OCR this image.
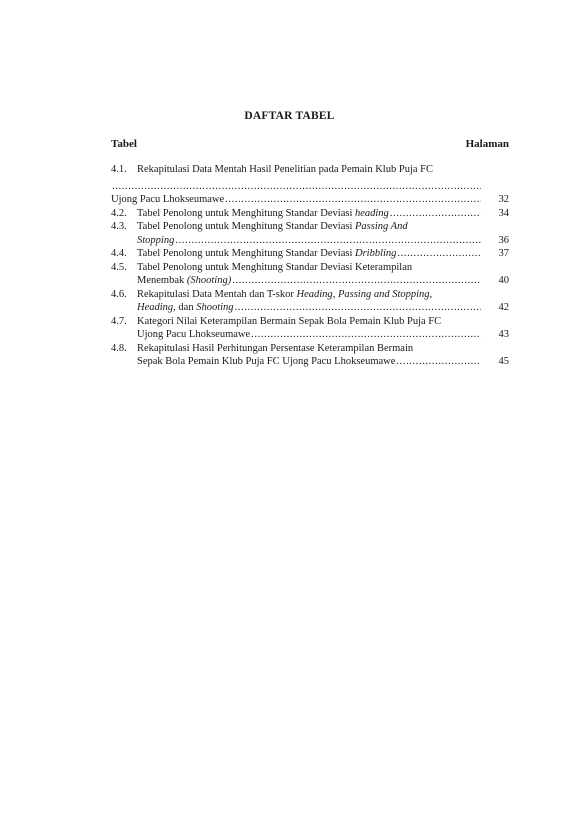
DAFTAR TABEL
Tabel	Halaman
4.1. Rekapitulasi Data Mentah Hasil Penelitian pada Pemain Klub Puja FC
.....
Ujong Pacu Lhokseumawe .....	32
4.2. Tabel Penolong untuk Menghitung Standar Deviasi heading .....	34
4.3. Tabel Penolong untuk Menghitung Standar Deviasi Passing And
Stopping .....	36
4.4. Tabel Penolong untuk Menghitung Standar Deviasi Dribbling .....	37
4.5. Tabel Penolong untuk Menghitung Standar Deviasi Keterampilan
Menembak (Shooting) .....	40
4.6. Rekapitulasi Data Mentah dan T-skor Heading, Passing and Stopping,
Heading, dan Shooting .....	42
4.7. Kategori Nilai Keterampilan Bermain Sepak Bola Pemain Klub Puja FC
Ujong Pacu Lhokseumawe .....	43
4.8. Rekapitulasi Hasil Perhitungan Persentase Keterampilan Bermain
Sepak Bola Pemain Klub Puja FC Ujong Pacu Lhokseumawe .....	45
